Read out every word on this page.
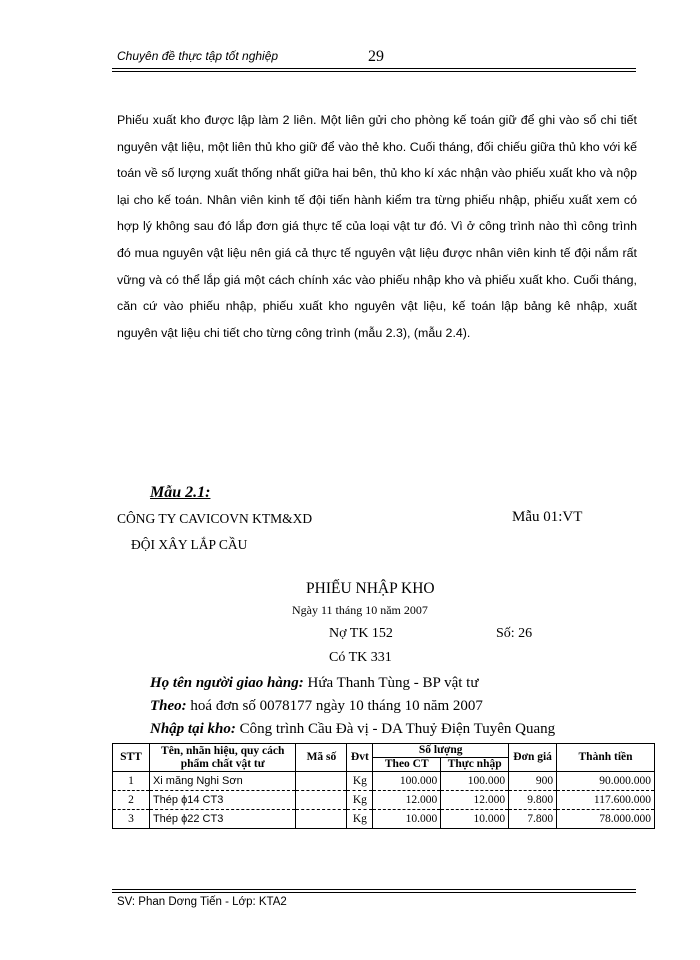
Chuyên đề thực tập tốt nghiệp	29
Phiếu xuất kho được lập làm 2 liên. Một liên gửi cho phòng kế toán giữ để ghi vào sổ chi tiết nguyên vật liệu, một liên thủ kho giữ để vào thẻ kho. Cuối tháng, đối chiếu giữa thủ kho với kế toán về số lượng xuất thống nhất giữa hai bên, thủ kho kí xác nhận vào phiếu xuất kho và nộp lại cho kế toán. Nhân viên kinh tế đội tiến hành kiểm tra từng phiếu nhập, phiếu xuất xem có hợp lý không sau đó lắp đơn giá thực tế của loại vật tư đó. Vì ở công trình nào thì công trình đó mua nguyên vật liệu nên giá cả thực tế nguyên vật liệu được nhân viên kinh tế đội nắm rất vững và có thể lắp giá một cách chính xác vào phiếu nhập kho và phiếu xuất kho. Cuối tháng, căn cứ vào phiếu nhập, phiếu xuất kho nguyên vật liệu, kế toán lập bảng kê nhập, xuất nguyên vật liệu chi tiết cho từng công trình (mẫu 2.3), (mẫu 2.4).
Mẫu 2.1:
CÔNG TY CAVICOVN KTM&XD	Mẫu 01:VT
ĐỘI XÂY LẮP CẦU
PHIẾU NHẬP KHO
Ngày 11 tháng 10 năm 2007
Nợ TK 152	Số: 26
Có TK 331
Họ tên người giao hàng: Hứa Thanh Tùng - BP vật tư
Theo: hoá đơn số 0078177 ngày 10 tháng 10 năm 2007
Nhập tại kho: Công trình Cầu Đà vị - DA Thuỷ Điện Tuyên Quang
STT	Tên, nhãn hiệu, quy cách phẩm chất vật tư	Mã số	Đvt	Số lượng		Đơn giá	Thành tiền
				Theo CT	Thực nhập		
1	Xi măng Nghi Sơn		Kg	100.000	100.000	900	90.000.000
2	Thép ϕ14 CT3		Kg	12.000	12.000	9.800	117.600.000
3	Thép ϕ22 CT3		Kg	10.000	10.000	7.800	78.000.000
SV: Phan Dơng Tiến - Lớp: KTA2
